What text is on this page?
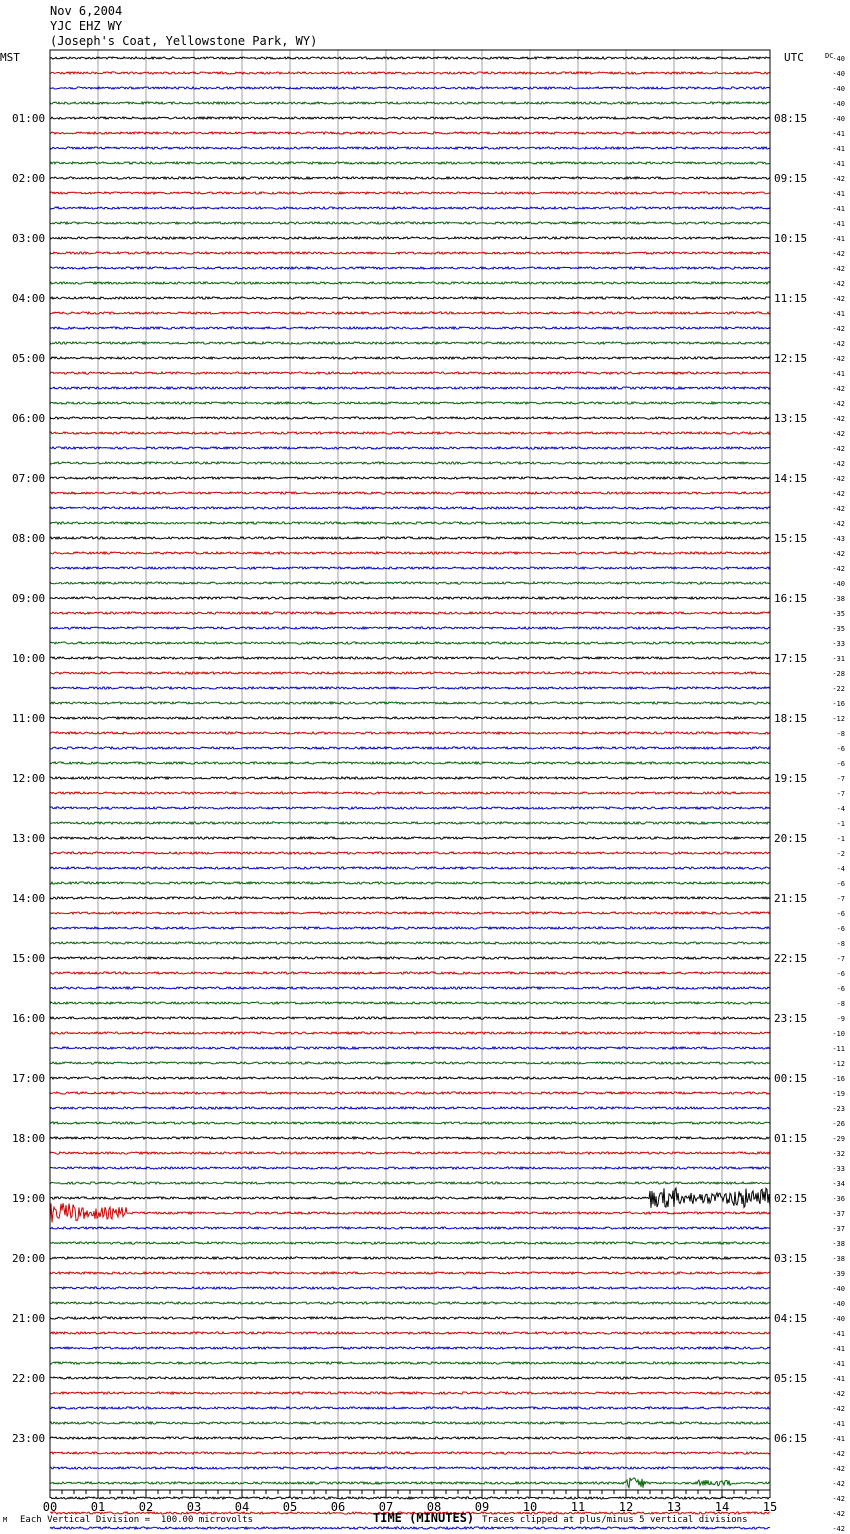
Nov 6,2004
YJC EHZ WY
(Joseph's Coat, Yellowstone Park, WY)
01:00
02:00
03:00
04:00
05:00
06:00
07:00
08:00
09:00
10:00
11:00
12:00
13:00
14:00
15:00
16:00
17:00
18:00
19:00
20:00
21:00
22:00
23:00
08:15
09:15
10:15
11:15
12:15
13:15
14:15
15:15
16:15
17:15
18:15
19:15
20:15
21:15
22:15
23:15
00:15
01:15
02:15
03:15
04:15
05:15
06:15
-40
-40
-40
-40
-40
-41
-41
-41
-42
-41
-41
-41
-41
-42
-42
-42
-42
-41
-42
-42
-42
-41
-42
-42
-42
-42
-42
-42
-42
-42
-42
-42
-43
-42
-42
-40
-38
-35
-35
-33
-31
-28
-22
-16
-12
-8
-6
-6
-7
-7
-4
-1
-1
-2
-4
-6
-7
-6
-6
-8
-7
-6
-6
-8
-9
-10
-11
-12
-16
-19
-23
-26
-29
-32
-33
-34
-36
-37
-37
-38
-38
-39
-40
-40
-40
-41
-41
-41
-41
-42
-42
-41
-41
-42
-42
-42
-42
-42
-42
00	01	02	03	04	05	06	07	08	09	10	11	12	13	14	15
MST	UTC	DC
M Each Vertical Division =  100.00 microvolts	TIME (MINUTES) Traces clipped at plus/minus 5 vertical divisions
